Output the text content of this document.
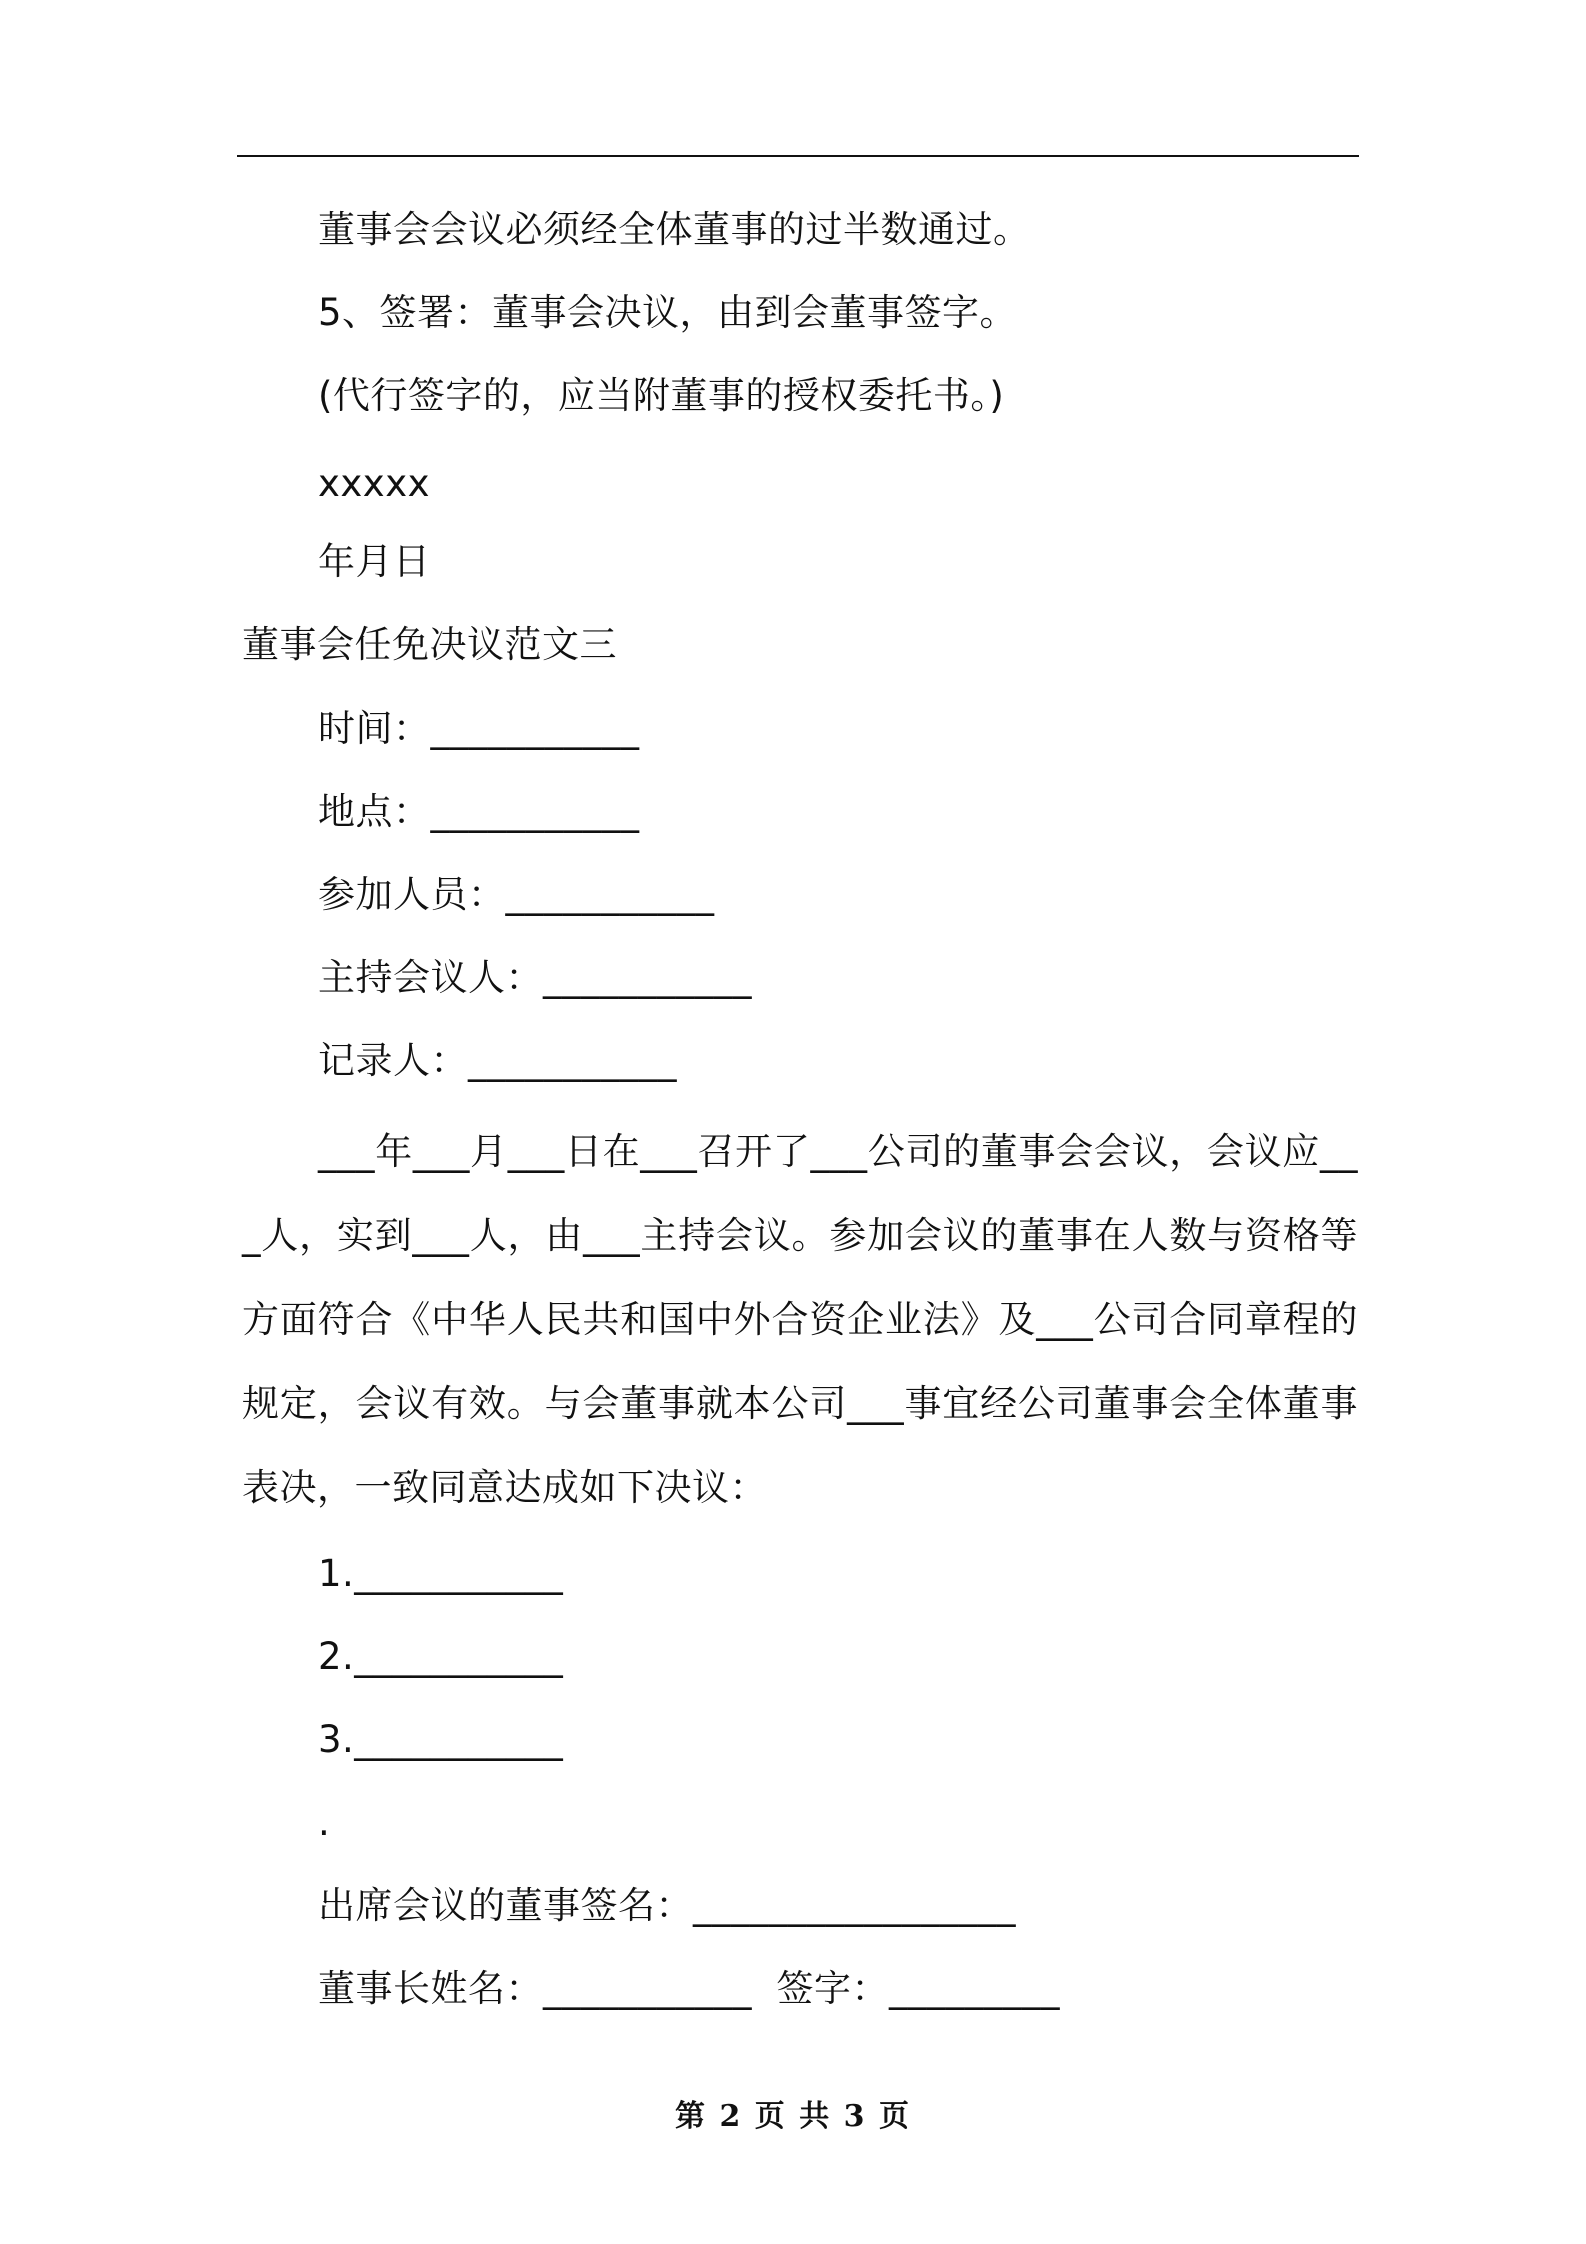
董事会会议必须经全体董事的过半数通过。
5、签署：董事会决议，由到会董事签字。
(代行签字的，应当附董事的授权委托书。)
xxxxx
年月日
董事会任免决议范文三
时间：___________
地点：___________
参加人员：___________
主持会议人：___________
记录人：___________
___年___月___日在___召开了___公司的董事会会议，会议应___人，实到___人，由___主持会议。参加会议的董事在人数与资格等方面符合《中华人民共和国中外合资企业法》及___公司合同章程的规定，会议有效。与会董事就本公司___事宜经公司董事会全体董事表决，一致同意达成如下决议：
1.___________
2.___________
3.___________
.
出席会议的董事签名：_________________
董事长姓名：___________  签字：_________
第 2 页 共 3 页
